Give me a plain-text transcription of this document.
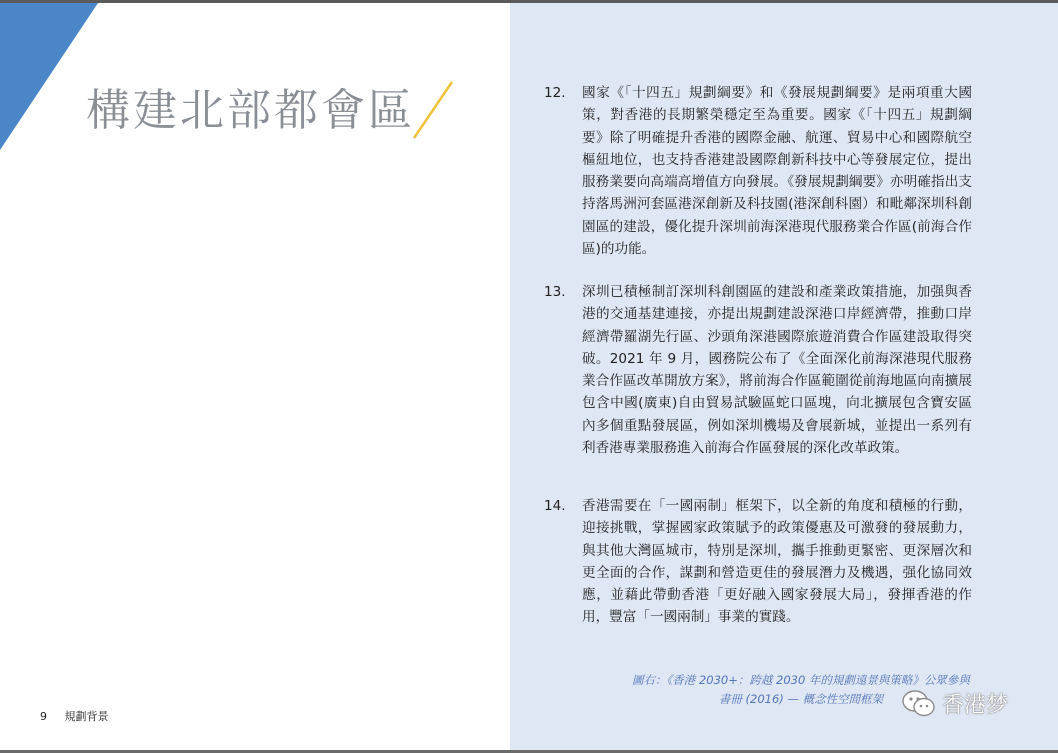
構建北部都會區	12.	國家《「十四五」規劃綱要》和《發展規劃綱要》是兩項重大國策，對香港的長期繁榮穩定至為重要。國家《「十四五」規劃綱要》除了明確提升香港的國際金融、航運、貿易中心和國際航空樞紐地位，也支持香港建設國際創新科技中心等發展定位，提出服務業要向高端高增值方向發展。《發展規劃綱要》亦明確指出支持落馬洲河套區港深創新及科技園(港深創科園）和毗鄰深圳科創園區的建設，優化提升深圳前海深港現代服務業合作區(前海合作區)的功能。
13.	深圳已積極制訂深圳科創園區的建設和產業政策措施，加强與香港的交通基建連接，亦提出規劃建設深港口岸經濟帶，推動口岸經濟帶羅湖先行區、沙頭角深港國際旅遊消費合作區建設取得突破。2021 年 9 月，國務院公布了《全面深化前海深港現代服務業合作區改革開放方案》，將前海合作區範圍從前海地區向南擴展包含中國(廣東)自由貿易試驗區蛇口區塊，向北擴展包含寶安區內多個重點發展區，例如深圳機場及會展新城，並提出一系列有利香港專業服務進入前海合作區發展的深化改革政策。
14.	香港需要在「一國兩制」框架下，以全新的角度和積極的行動，迎接挑戰，掌握國家政策賦予的政策優惠及可激發的發展動力，與其他大灣區城市，特別是深圳，攜手推動更緊密、更深層次和更全面的合作，謀劃和營造更佳的發展潛力及機遇，强化協同效應，並藉此帶動香港「更好融入國家發展大局」，發揮香港的作用，豐富「一國兩制」事業的實踐。
圖右：《香港 2030+：跨越 2030 年的規劃遠景與策略》公眾參與
書冊 (2016) — 概念性空間框架
9 規劃背景	香港梦
